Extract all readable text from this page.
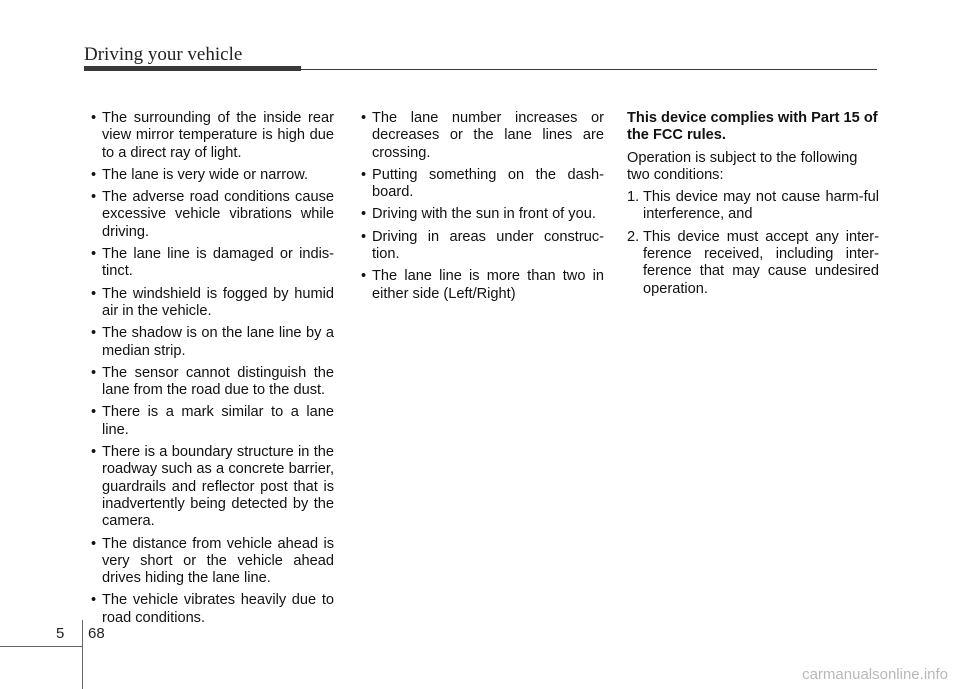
Driving your vehicle
• The surrounding of the inside rear view mirror temperature is high due to a direct ray of light.
• The lane is very wide or narrow.
• The adverse road conditions cause excessive vehicle vibrations while driving.
• The lane line is damaged or indis-tinct.
• The windshield is fogged by humid air in the vehicle.
• The shadow is on the lane line by a median strip.
• The sensor cannot distinguish the lane from the road due to the dust.
• There is a mark similar to a lane line.
• There is a boundary structure in the roadway such as a concrete barrier, guardrails and reflector post that is inadvertently being detected by the camera.
• The distance from vehicle ahead is very short or the vehicle ahead drives hiding the lane line.
• The vehicle vibrates heavily due to road conditions.
• The lane number increases or decreases or the lane lines are crossing.
• Putting something on the dash-board.
• Driving with the sun in front of you.
• Driving in areas under construc-tion.
• The lane line is more than two in either side (Left/Right)

This device complies with Part 15 of the FCC rules.

Operation is subject to the following two conditions:

1. This device may not cause harm-ful interference, and
2. This device must accept any inter-ference received, including inter-ference that may cause undesired operation.
5 68
carmanualsonline.info
